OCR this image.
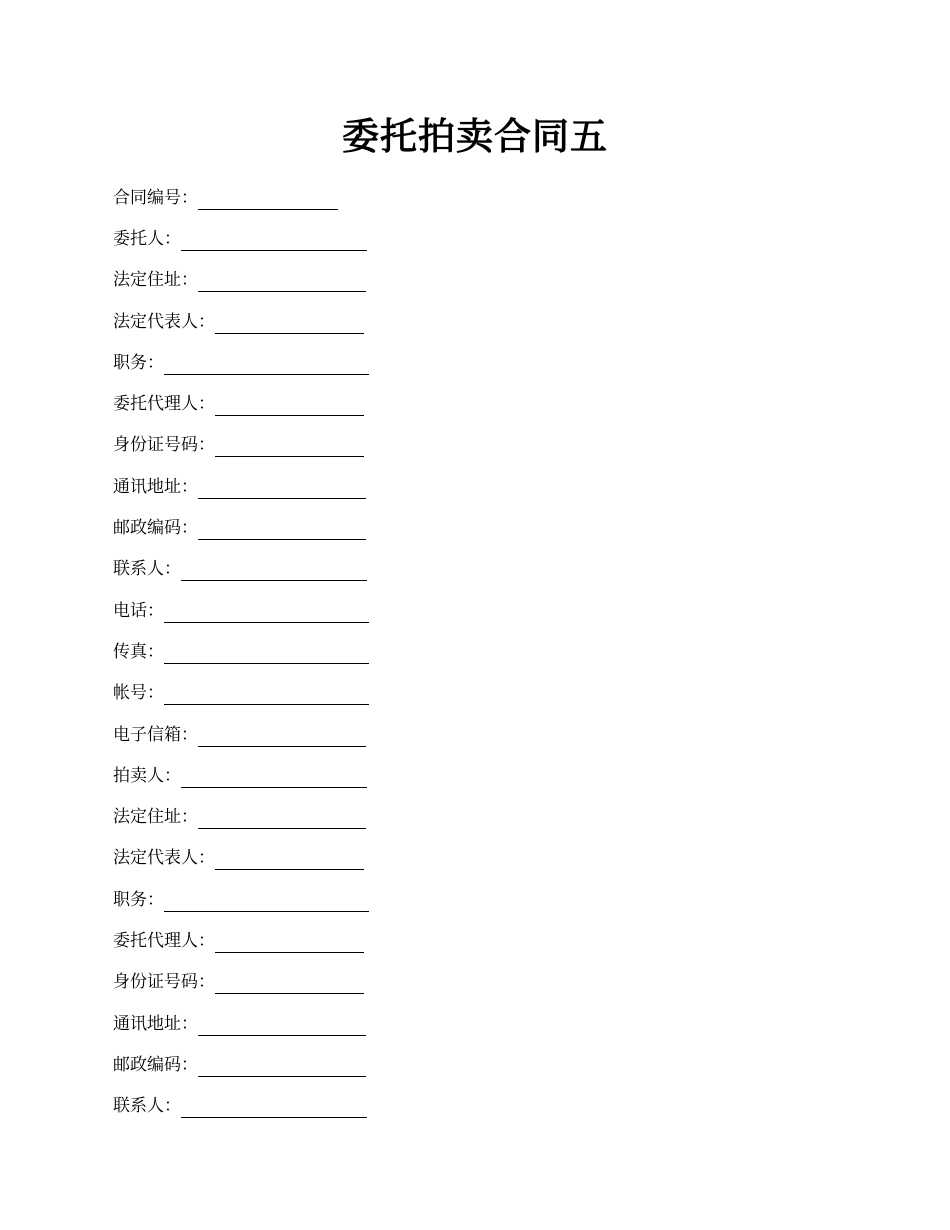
委托拍卖合同五
合同编号：
委托人：
法定住址：
法定代表人：
职务：
委托代理人：
身份证号码：
通讯地址：
邮政编码：
联系人：
电话：
传真：
帐号：
电子信箱：
拍卖人：
法定住址：
法定代表人：
职务：
委托代理人：
身份证号码：
通讯地址：
邮政编码：
联系人：
